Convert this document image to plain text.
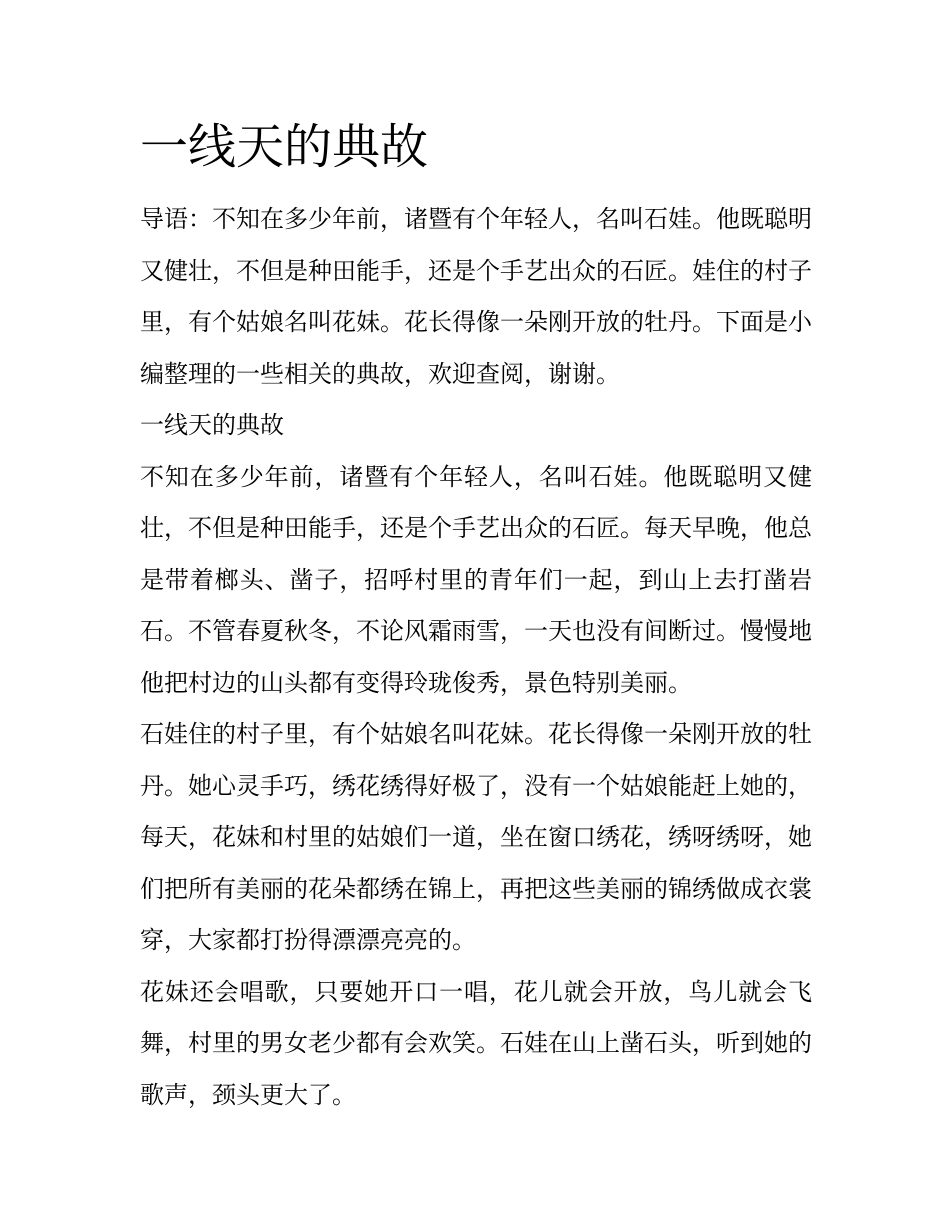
一线天的典故

导语：不知在多少年前，诸暨有个年轻人，名叫石娃。他既聪明又健壮，不但是种田能手，还是个手艺出众的石匠。娃住的村子里，有个姑娘名叫花妹。花长得像一朵刚开放的牡丹。下面是小编整理的一些相关的典故，欢迎查阅，谢谢。

一线天的典故

不知在多少年前，诸暨有个年轻人，名叫石娃。他既聪明又健壮，不但是种田能手，还是个手艺出众的石匠。每天早晚，他总是带着榔头、凿子，招呼村里的青年们一起，到山上去打凿岩石。不管春夏秋冬，不论风霜雨雪，一天也没有间断过。慢慢地他把村边的山头都有变得玲珑俊秀，景色特别美丽。

石娃住的村子里，有个姑娘名叫花妹。花长得像一朵刚开放的牡丹。她心灵手巧，绣花绣得好极了，没有一个姑娘能赶上她的，每天，花妹和村里的姑娘们一道，坐在窗口绣花，绣呀绣呀，她们把所有美丽的花朵都绣在锦上，再把这些美丽的锦绣做成衣裳穿，大家都打扮得漂漂亮亮的。

花妹还会唱歌，只要她开口一唱，花儿就会开放，鸟儿就会飞舞，村里的男女老少都有会欢笑。石娃在山上凿石头，听到她的歌声，颈头更大了。
